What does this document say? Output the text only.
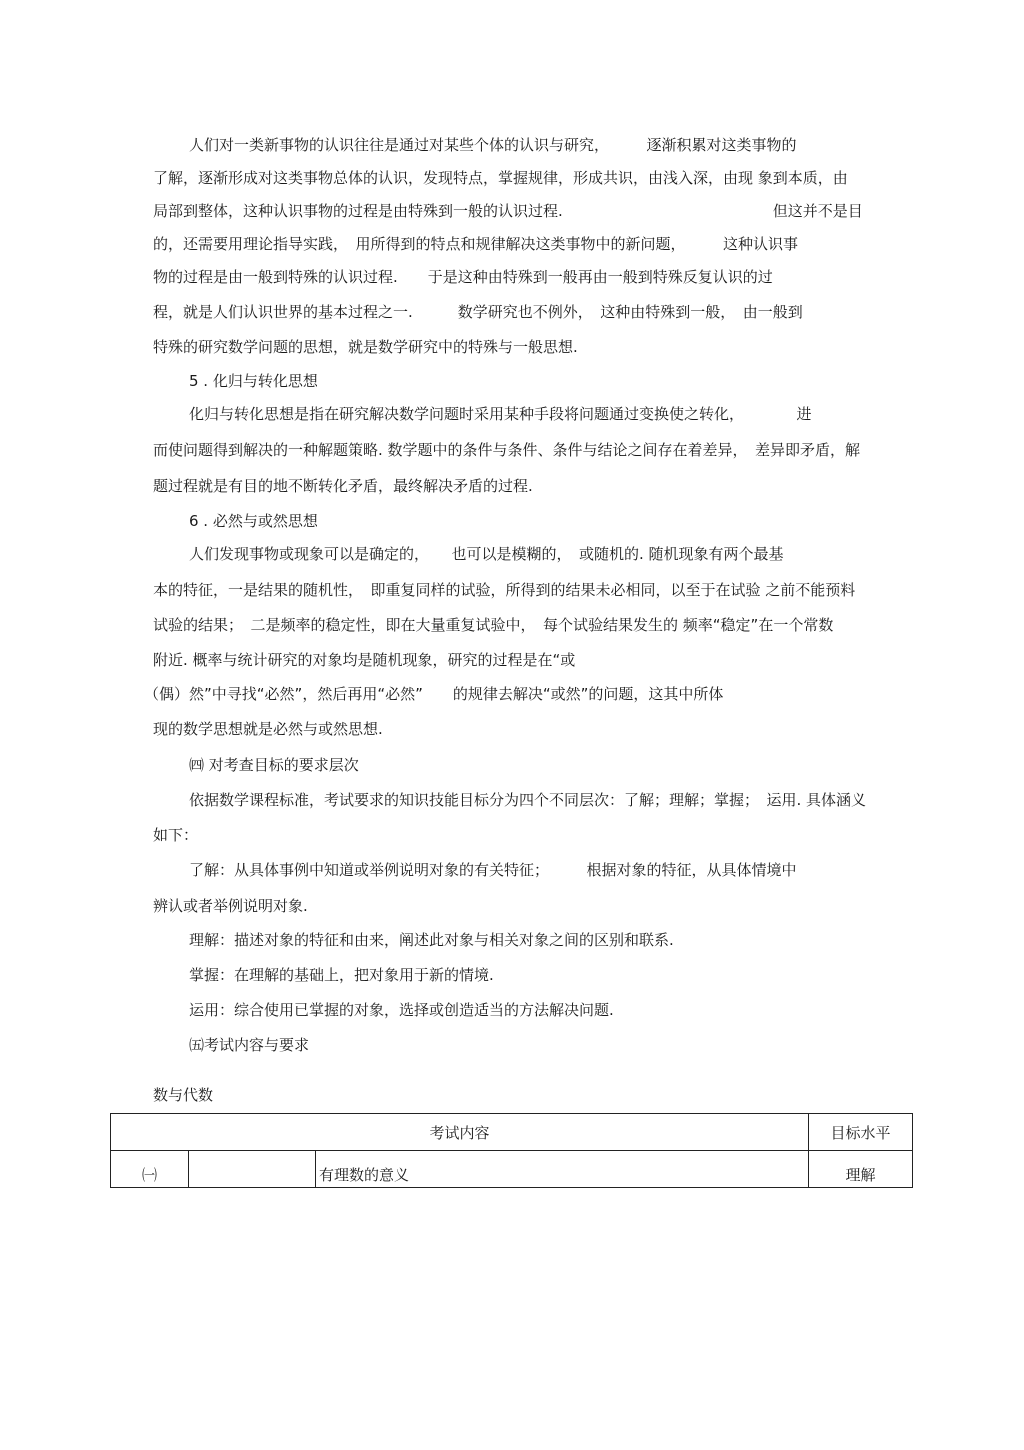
人们对一类新事物的认识往往是通过对某些个体的认识与研究，　　　逐渐积累对这类事物的
了解，逐渐形成对这类事物总体的认识，发现特点，掌握规律，形成共识，由浅入深，由现 象到本质，由
局部到整体，这种认识事物的过程是由特殊到一般的认识过程.　　　　　　　　　　　　　　但这并不是目
的，还需要用理论指导实践，　用所得到的特点和规律解决这类事物中的新问题，　　　这种认识事
物的过程是由一般到特殊的认识过程.　　于是这种由特殊到一般再由一般到特殊反复认识的过
程，就是人们认识世界的基本过程之一.　　　数学研究也不例外，　这种由特殊到一般，　由一般到
特殊的研究数学问题的思想，就是数学研究中的特殊与一般思想.
5 . 化归与转化思想
化归与转化思想是指在研究解决数学问题时采用某种手段将问题通过变换使之转化，　　　　进
而使问题得到解决的一种解题策略. 数学题中的条件与条件、条件与结论之间存在着差异，　差异即矛盾，解
题过程就是有目的地不断转化矛盾，最终解决矛盾的过程.
6 . 必然与或然思想
人们发现事物或现象可以是确定的，　　也可以是模糊的，　或随机的. 随机现象有两个最基
本的特征，一是结果的随机性，　即重复同样的试验，所得到的结果未必相同，以至于在试验 之前不能预料
试验的结果；　二是频率的稳定性，即在大量重复试验中，　每个试验结果发生的 频率“稳定”在一个常数
附近. 概率与统计研究的对象均是随机现象，研究的过程是在“或
（偶）然”中寻找“必然”，然后再用“必然”　　的规律去解决“或然”的问题，这其中所体
现的数学思想就是必然与或然思想.
㈣ 对考查目标的要求层次
依据数学课程标准，考试要求的知识技能目标分为四个不同层次：了解；理解；掌握；　运用. 具体涵义
如下：
了解：从具体事例中知道或举例说明对象的有关特征；　　　根据对象的特征，从具体情境中
辨认或者举例说明对象.
理解：描述对象的特征和由来，阐述此对象与相关对象之间的区别和联系.
掌握：在理解的基础上，把对象用于新的情境.
运用：综合使用已掌握的对象，选择或创造适当的方法解决问题.
㈤考试内容与要求
数与代数
考试内容			目标水平
㈠		有理数的意义	理解
